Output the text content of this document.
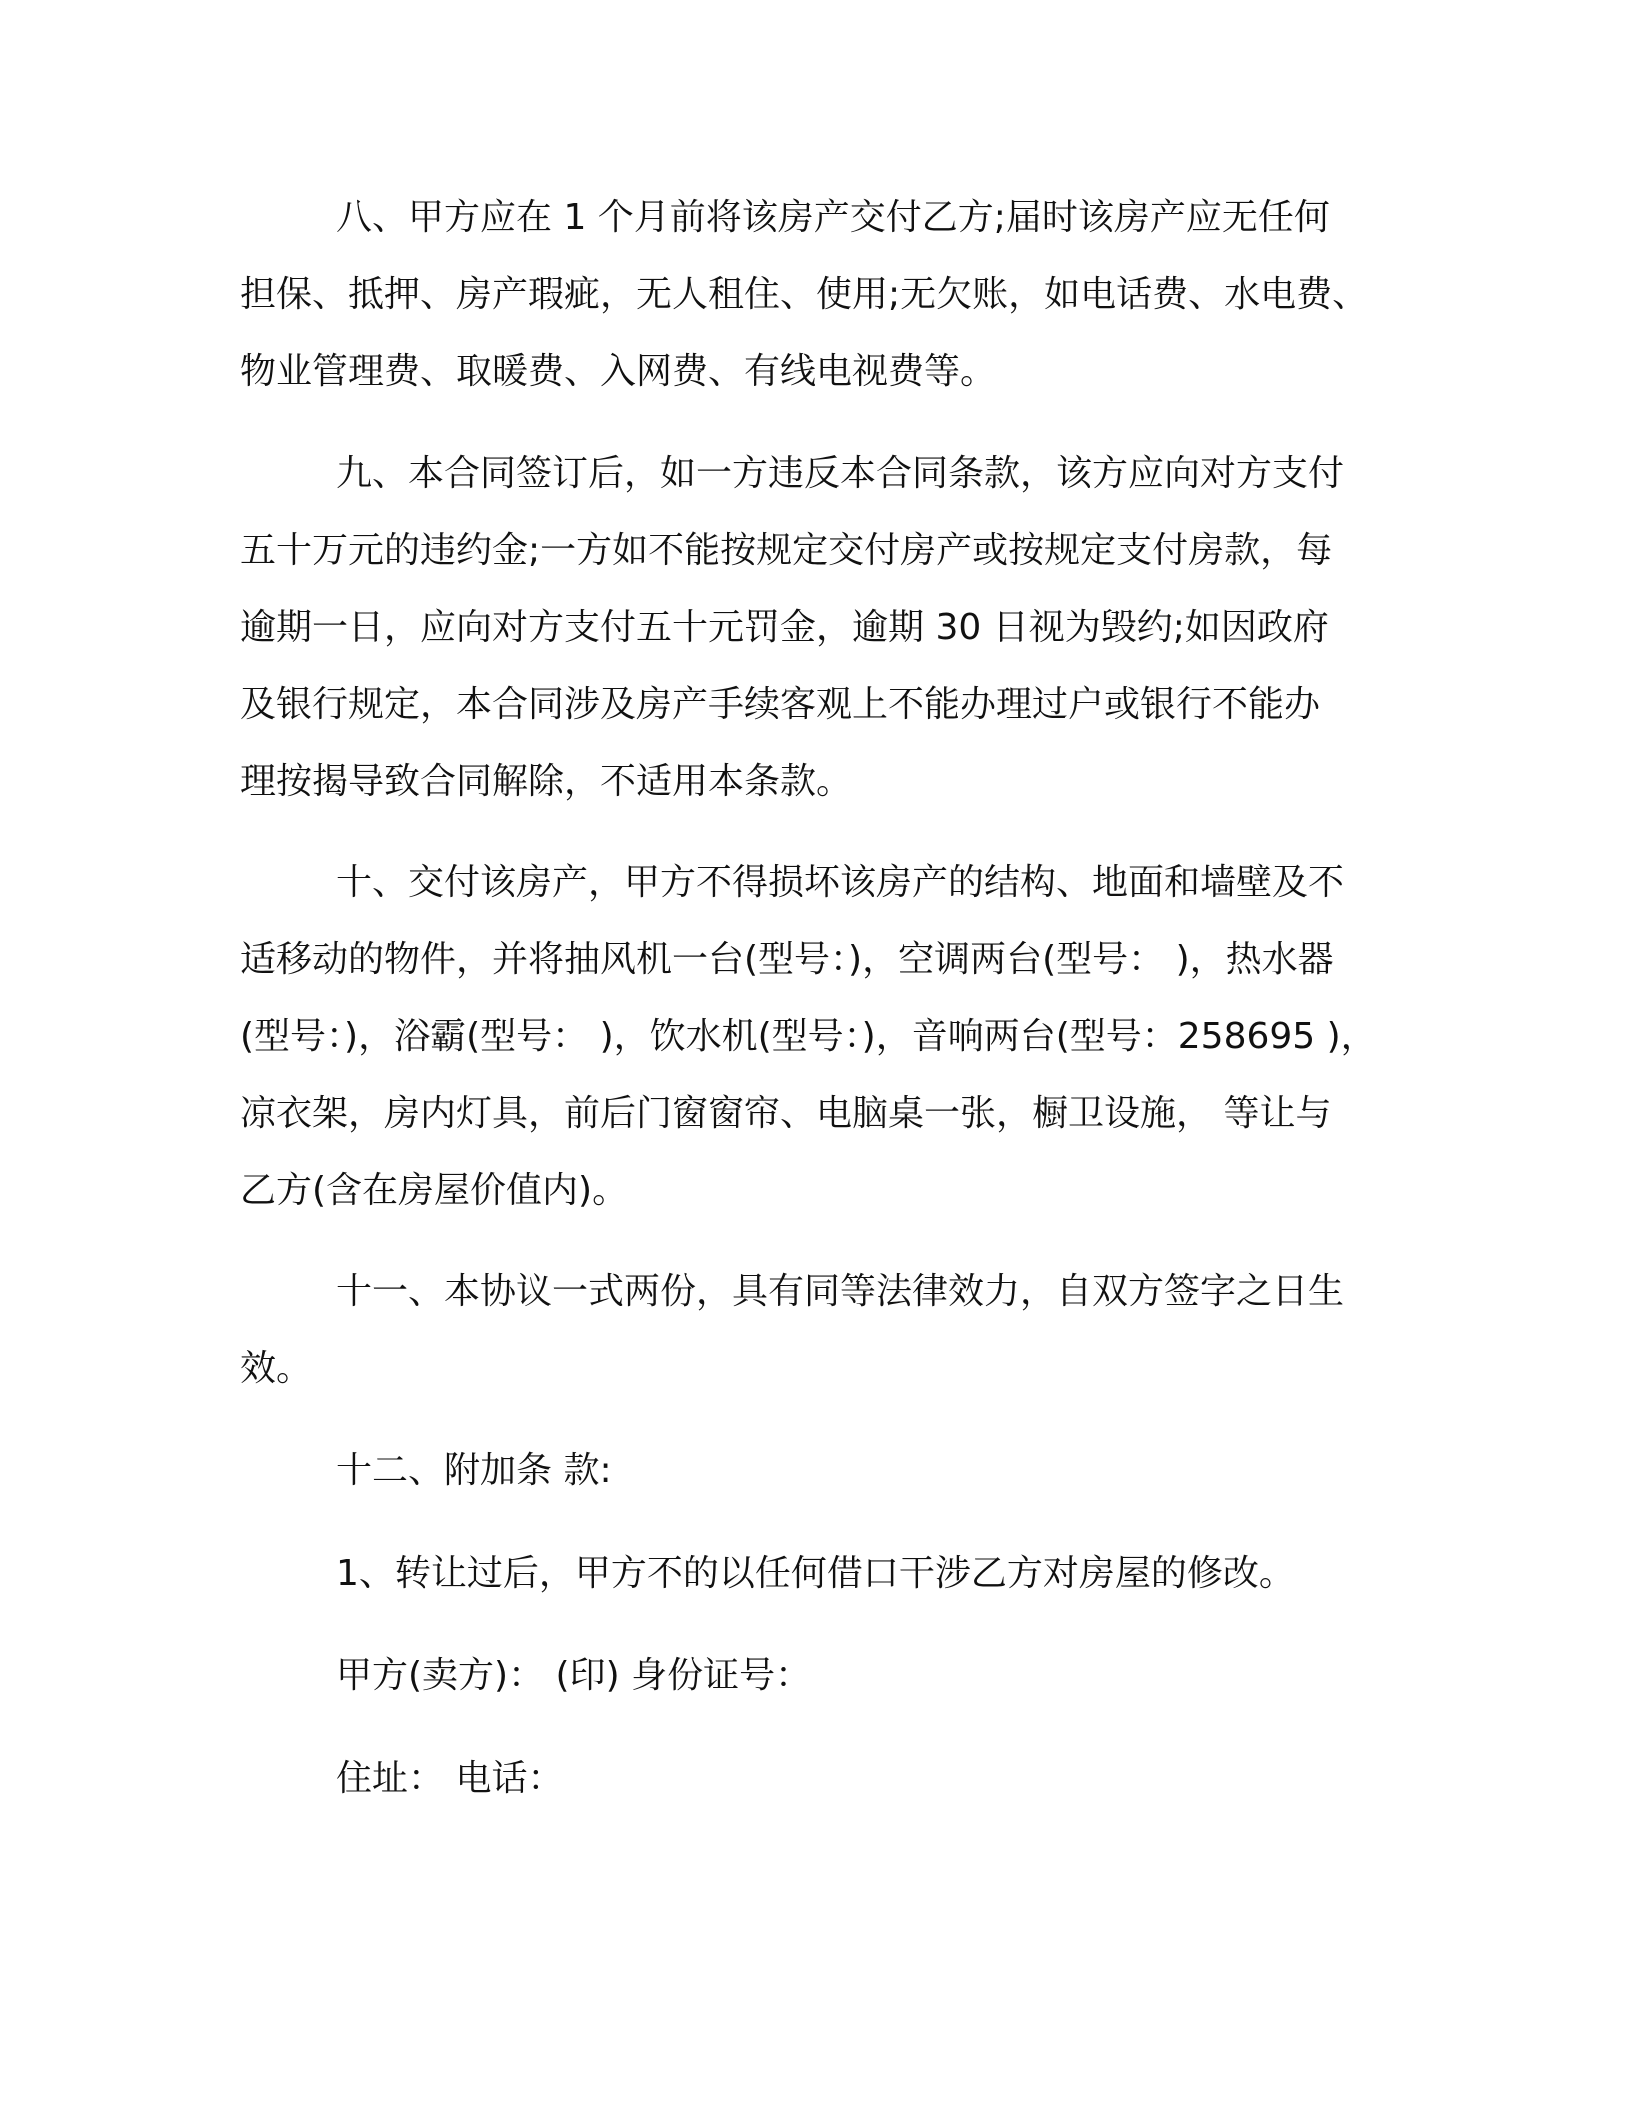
八、甲方应在 1 个月前将该房产交付乙方;届时该房产应无任何
担保、抵押、房产瑕疵，无人租住、使用;无欠账，如电话费、水电费、
物业管理费、取暖费、入网费、有线电视费等。
九、本合同签订后，如一方违反本合同条款，该方应向对方支付
五十万元的违约金;一方如不能按规定交付房产或按规定支付房款，每
逾期一日，应向对方支付五十元罚金，逾期 30 日视为毁约;如因政府
及银行规定，本合同涉及房产手续客观上不能办理过户或银行不能办
理按揭导致合同解除，不适用本条款。
十、交付该房产，甲方不得损坏该房产的结构、地面和墙壁及不
适移动的物件，并将抽风机一台(型号：)，空调两台(型号： )，热水器
(型号：)，浴霸(型号： )，饮水机(型号：)，音响两台(型号：258695 )，
凉衣架，房内灯具，前后门窗窗帘、电脑桌一张，橱卫设施， 等让与
乙方(含在房屋价值内)。
十一、本协议一式两份，具有同等法律效力，自双方签字之日生
效。
十二、附加条 款:
1、转让过后，甲方不的以任何借口干涉乙方对房屋的修改。
甲方(卖方)： (印) 身份证号：
住址： 电话：
